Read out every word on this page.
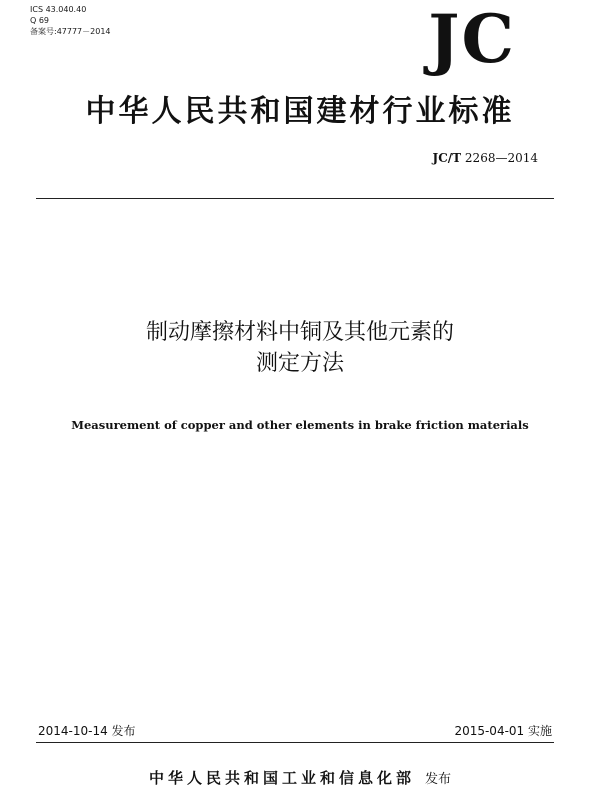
ICS 43.040.40
Q 69
备案号:47777－2014	JC
中华人民共和国建材行业标准
JC/T 2268—2014
制动摩擦材料中铜及其他元素的
测定方法
Measurement of copper and other elements in brake friction materials
2014-10-14 发布	2015-04-01 实施
中华人民共和国工业和信息化部 发布
